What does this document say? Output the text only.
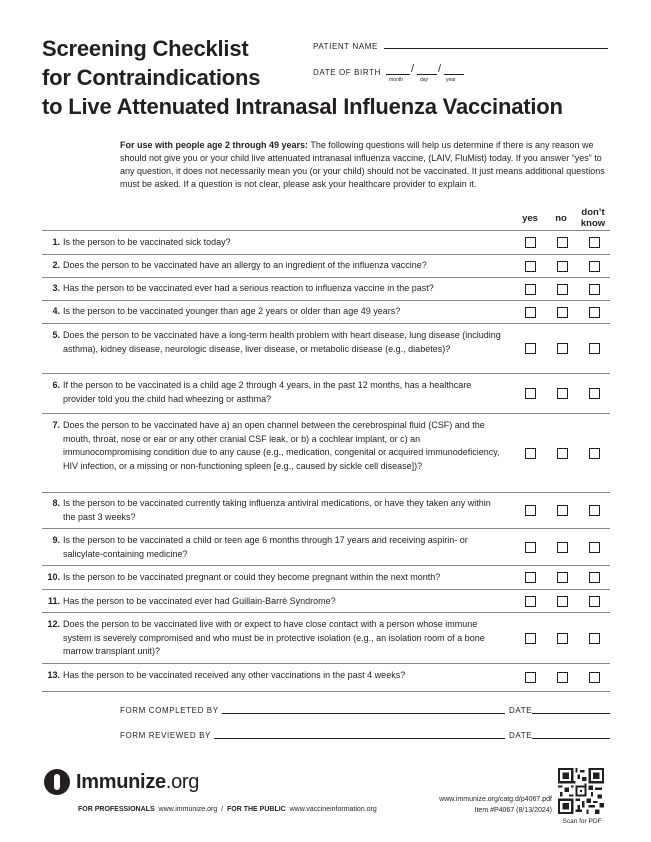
Screening Checklist
for Contraindications
to Live Attenuated Intranasal Influenza Vaccination
PATIENT NAME
DATE OF BIRTH	/ /
month	day	year
For use with people age 2 through 49 years: The following questions will help us determine if there is any reason we should not give you or your child live attenuated intranasal influenza vaccine, (LAIV, FluMist) today. If you answer “yes” to any question, it does not necessarily mean you (or your child) should not be vaccinated. It just means additional questions must be asked. If a question is not clear, please ask your healthcare provider to explain it.
yes	no
don’t
know
1. Is the person to be vaccinated sick today?
2. Does the person to be vaccinated have an allergy to an ingredient of the influenza vaccine?
3. Has the person to be vaccinated ever had a serious reaction to influenza vaccine in the past?
4. Is the person to be vaccinated younger than age 2 years or older than age 49 years?
5. Does the person to be vaccinated have a long-term health problem with heart disease, lung disease (including asthma), kidney disease, neurologic disease, liver disease, or metabolic disease (e.g., diabetes)?
6. If the person to be vaccinated is a child age 2 through 4 years, in the past 12 months, has a healthcare provider told you the child had wheezing or asthma?
7. Does the person to be vaccinated have a) an open channel between the cerebrospinal fluid (CSF) and the mouth, throat, nose or ear or any other cranial CSF leak, or b) a cochlear implant, or c) an immunocompromising condition due to any cause (e.g., medication, congenital or acquired immunodeficiency, HIV infection, or a missing or non-functioning spleen [e.g., caused by sickle cell disease])?
8. Is the person to be vaccinated currently taking influenza antiviral medications, or have they taken any within the past 3 weeks?
9. Is the person to be vaccinated a child or teen age 6 months through 17 years and receiving aspirin- or salicylate-containing medicine?
10. Is the person to be vaccinated pregnant or could they become pregnant within the next month?
11. Has the person to be vaccinated ever had Guillain-Barré Syndrome?
12. Does the person to be vaccinated live with or expect to have close contact with a person whose immune system is severely compromised and who must be in protective isolation (e.g., an isolation room of a bone marrow transplant unit)?
13. Has the person to be vaccinated received any other vaccinations in the past 4 weeks?
FORM COMPLETED BY	DATE
FORM REVIEWED BY	DATE
Immunize.org
FOR PROFESSIONALS www.immunize.org / FOR THE PUBLIC www.vaccineinformation.org
www.immunize.org/catg.d/p4067.pdf
Item #P4067 (8/13/2024)
Scan for PDF
